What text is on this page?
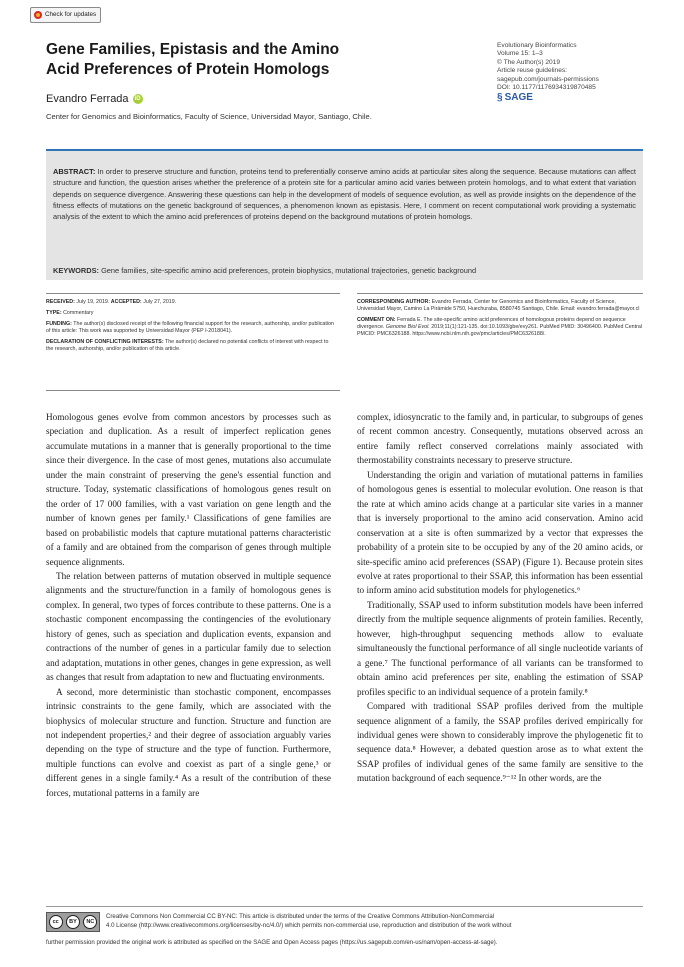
Check for updates
Gene Families, Epistasis and the Amino
Acid Preferences of Protein Homologs
Evandro Ferrada	iD
Center for Genomics and Bioinformatics, Faculty of Science, Universidad Mayor, Santiago, Chile.
Evolutionary Bioinformatics
Volume 15: 1–3
© The Author(s) 2019
Article reuse guidelines:
sagepub.com/journals-permissions
DOI: 10.1177/1176934319870485
§ SAGE
ABSTRACT: In order to preserve structure and function, proteins tend to preferentially conserve amino acids at particular sites along the sequence. Because mutations can affect structure and function, the question arises whether the preference of a protein site for a particular amino acid varies between protein homologs, and to what extent that variation depends on sequence divergence. Answering these questions can help in the development of models of sequence evolution, as well as provide insights on the dependence of the fitness effects of mutations on the genetic background of sequences, a phenomenon known as epistasis. Here, I comment on recent computational work providing a systematic analysis of the extent to which the amino acid preferences of proteins depend on the background mutations of protein homologs.
KEYWORDS: Gene families, site-specific amino acid preferences, protein biophysics, mutational trajectories, genetic background
RECEIVED: July 19, 2019. ACCEPTED: July 27, 2019.
TYPE: Commentary
FUNDING: The author(s) disclosed receipt of the following financial support for the research, authorship, and/or publication of this article: This work was supported by Universidad Mayor (PEP I-2018041).
DECLARATION OF CONFLICTING INTERESTS: The author(s) declared no potential conflicts of interest with respect to the research, authorship, and/or publication of this article.
CORRESPONDING AUTHOR: Evandro Ferrada, Center for Genomics and Bioinformatics, Faculty of Science, Universidad Mayor, Camino La Pirámide 5750, Huechuraba, 8580745 Santiago, Chile. Email: evandro.ferrada@mayor.cl
COMMENT ON: Ferrada E. The site-specific amino acid preferences of homologous proteins depend on sequence divergence. Genome Biol Evol. 2019;11(1):121-135. doi:10.1093/gbe/evy261. PubMed PMID: 30496400. PubMed Central PMCID: PMC6326188. https://www.ncbi.nlm.nih.gov/pmc/articles/PMC6326188/.

Homologous genes evolve from common ancestors by processes such as speciation and duplication. As a result of imperfect replication genes accumulate mutations in a manner that is generally proportional to the time since their divergence. In the case of most genes, mutations also accumulate under the main constraint of preserving the gene's essential function and structure. Today, systematic classifications of homologous genes result on the order of 17 000 families, with a vast variation on gene length and the number of known genes per family.¹ Classifications of gene families are based on probabilistic models that capture mutational patterns characteristic of a family and are obtained from the comparison of genes through multiple sequence alignments.

The relation between patterns of mutation observed in multiple sequence alignments and the structure/function in a family of homologous genes is complex. In general, two types of forces contribute to these patterns. One is a stochastic component encompassing the contingencies of the evolutionary history of genes, such as speciation and duplication events, expansion and contractions of the number of genes in a particular family due to selection and adaptation, mutations in other genes, changes in gene expression, as well as changes that result from adaptation to new and fluctuating environments.

A second, more deterministic than stochastic component, encompasses intrinsic constraints to the gene family, which are associated with the biophysics of molecular structure and function. Structure and function are not independent properties,² and their degree of association arguably varies depending on the type of structure and the type of function. Furthermore, multiple functions can evolve and coexist as part of a single gene,³ or different genes in a single family.⁴ As a result of the contribution of these forces, mutational patterns in a family are

complex, idiosyncratic to the family and, in particular, to subgroups of genes of recent common ancestry. Consequently, mutations observed across an entire family reflect conserved correlations mainly associated with thermostability constraints necessary to preserve structure.

Understanding the origin and variation of mutational patterns in families of homologous genes is essential to molecular evolution. One reason is that the rate at which amino acids change at a particular site varies in a manner that is inversely proportional to the amino acid conservation. Amino acid conservation at a site is often summarized by a vector that expresses the probability of a protein site to be occupied by any of the 20 amino acids, or site-specific amino acid preferences (SSAP) (Figure 1). Because protein sites evolve at rates proportional to their SSAP, this information has been essential to inform amino acid substitution models for phylogenetics.⁶

Traditionally, SSAP used to inform substitution models have been inferred directly from the multiple sequence alignments of protein families. Recently, however, high-throughput sequencing methods allow to evaluate simultaneously the functional performance of all single nucleotide variants of a gene.⁷ The functional performance of all variants can be transformed to obtain amino acid preferences per site, enabling the estimation of SSAP profiles specific to an individual sequence of a protein family.⁸

Compared with traditional SSAP profiles derived from the multiple sequence alignment of a family, the SSAP profiles derived empirically for individual genes were shown to considerably improve the phylogenetic fit to sequence data.⁸ However, a debated question arose as to what extent the SSAP profiles of individual genes of the same family are sensitive to the mutation background of each sequence.⁹⁻¹² In other words, are the

cc	BY	NC
Creative Commons Non Commercial CC BY-NC: This article is distributed under the terms of the Creative Commons Attribution-NonCommercial
4.0 License (http://www.creativecommons.org/licenses/by-nc/4.0/) which permits non-commercial use, reproduction and distribution of the work without
further permission provided the original work is attributed as specified on the SAGE and Open Access pages (https://us.sagepub.com/en-us/nam/open-access-at-sage).
